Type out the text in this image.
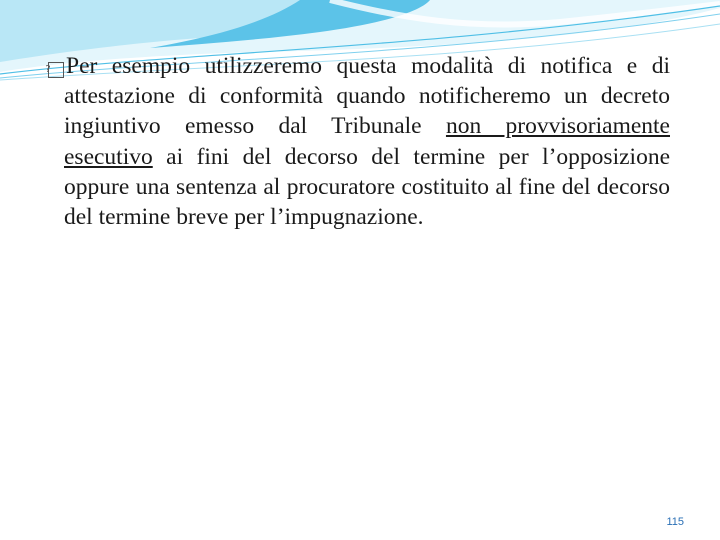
? Per esempio utilizzeremo questa modalità di notifica e di attestazione di conformità quando notificheremo un decreto ingiuntivo emesso dal Tribunale non provvisoriamente esecutivo ai fini del decorso del termine per l’opposizione oppure una sentenza al procuratore costituito al fine del decorso del termine breve per l’impugnazione.
115
